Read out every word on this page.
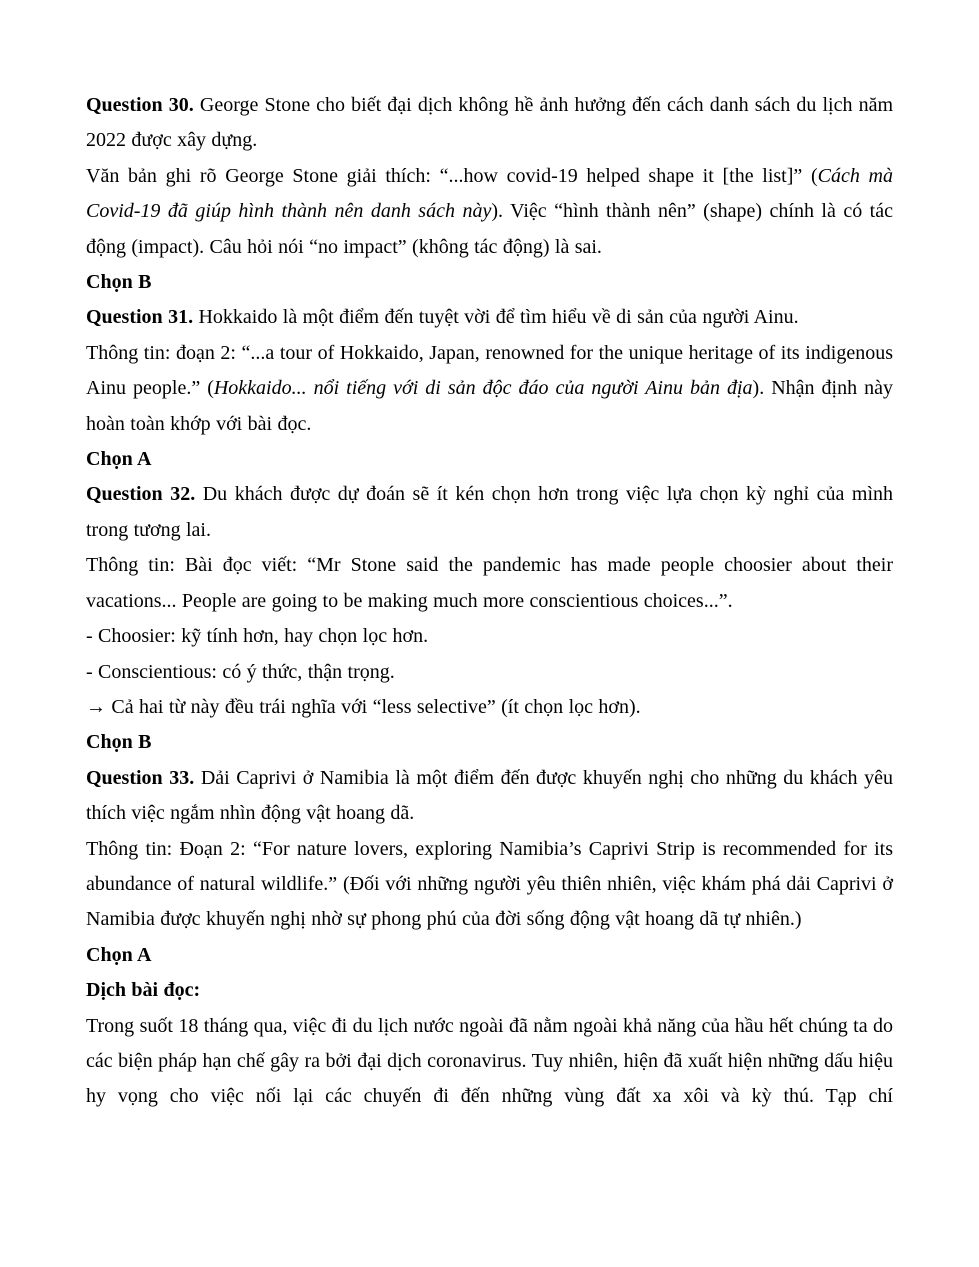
Question 30. George Stone cho biết đại dịch không hề ảnh hưởng đến cách danh sách du lịch năm 2022 được xây dựng.

Văn bản ghi rõ George Stone giải thích: “...how covid-19 helped shape it [the list]” (Cách mà Covid-19 đã giúp hình thành nên danh sách này). Việc “hình thành nên” (shape) chính là có tác động (impact). Câu hỏi nói “no impact” (không tác động) là sai.

Chọn B

Question 31. Hokkaido là một điểm đến tuyệt vời để tìm hiểu về di sản của người Ainu.

Thông tin: đoạn 2: “...a tour of Hokkaido, Japan, renowned for the unique heritage of its indigenous Ainu people.” (Hokkaido... nổi tiếng với di sản độc đáo của người Ainu bản địa). Nhận định này hoàn toàn khớp với bài đọc.

Chọn A

Question 32. Du khách được dự đoán sẽ ít kén chọn hơn trong việc lựa chọn kỳ nghỉ của mình trong tương lai.

Thông tin: Bài đọc viết: “Mr Stone said the pandemic has made people choosier about their vacations... People are going to be making much more conscientious choices...”.

- Choosier: kỹ tính hơn, hay chọn lọc hơn.

- Conscientious: có ý thức, thận trọng.

→ Cả hai từ này đều trái nghĩa với “less selective” (ít chọn lọc hơn).

Chọn B

Question 33. Dải Caprivi ở Namibia là một điểm đến được khuyến nghị cho những du khách yêu thích việc ngắm nhìn động vật hoang dã.

Thông tin: Đoạn 2: “For nature lovers, exploring Namibia’s Caprivi Strip is recommended for its abundance of natural wildlife.” (Đối với những người yêu thiên nhiên, việc khám phá dải Caprivi ở Namibia được khuyến nghị nhờ sự phong phú của đời sống động vật hoang dã tự nhiên.)

Chọn A

Dịch bài đọc:

Trong suốt 18 tháng qua, việc đi du lịch nước ngoài đã nằm ngoài khả năng của hầu hết chúng ta do các biện pháp hạn chế gây ra bởi đại dịch coronavirus. Tuy nhiên, hiện đã xuất hiện những dấu hiệu hy vọng cho việc nối lại các chuyến đi đến những vùng đất xa xôi và kỳ thú. Tạp chí
